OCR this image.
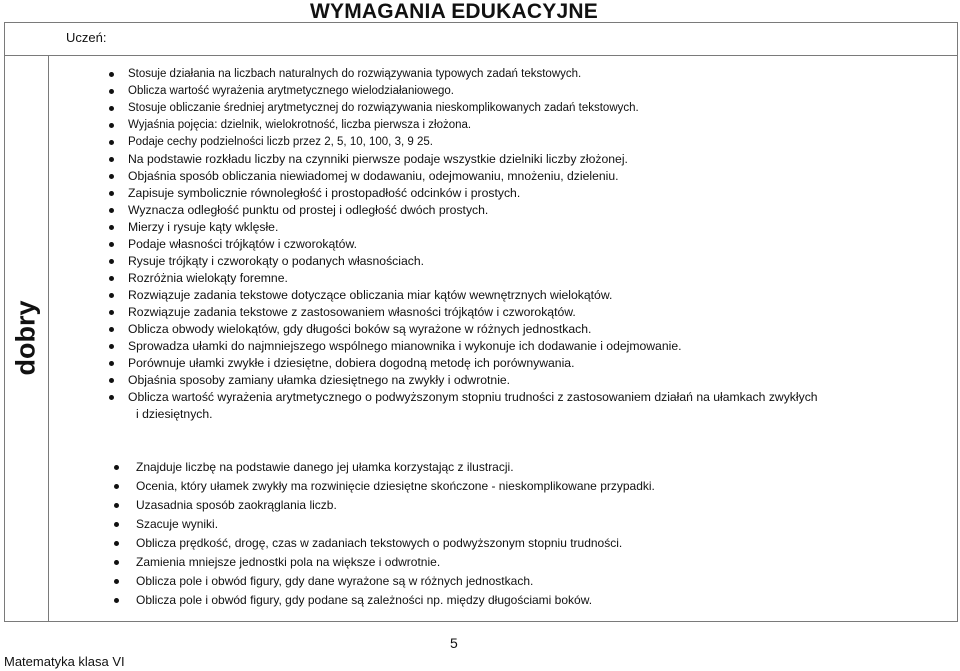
WYMAGANIA EDUKACYJNE
Uczeń:
dobry
Stosuje działania na liczbach naturalnych do rozwiązywania typowych zadań tekstowych.
Oblicza wartość wyrażenia arytmetycznego wielodziałaniowego.
Stosuje obliczanie średniej arytmetycznej do rozwiązywania nieskomplikowanych zadań tekstowych.
Wyjaśnia pojęcia: dzielnik, wielokrotność, liczba pierwsza i złożona.
Podaje cechy podzielności liczb przez 2, 5, 10, 100, 3, 9 25.
Na podstawie rozkładu liczby na czynniki pierwsze podaje wszystkie dzielniki liczby złożonej.
Objaśnia sposób obliczania niewiadomej w dodawaniu, odejmowaniu, mnożeniu, dzieleniu.
Zapisuje symbolicznie równoległość i prostopadłość odcinków i prostych.
Wyznacza odległość punktu od prostej i odległość dwóch prostych.
Mierzy i rysuje kąty wklęsłe.
Podaje własności trójkątów i czworokątów.
Rysuje trójkąty i czworokąty o podanych własnościach.
Rozróżnia wielokąty foremne.
Rozwiązuje zadania tekstowe dotyczące obliczania miar kątów wewnętrznych wielokątów.
Rozwiązuje zadania tekstowe z zastosowaniem własności trójkątów i czworokątów.
Oblicza obwody wielokątów, gdy długości boków są wyrażone w różnych jednostkach.
Sprowadza ułamki do najmniejszego wspólnego mianownika i wykonuje ich dodawanie i odejmowanie.
Porównuje ułamki zwykłe i dziesiętne, dobiera dogodną metodę ich porównywania.
Objaśnia sposoby zamiany ułamka dziesiętnego na zwykły i odwrotnie.
Oblicza wartość wyrażenia arytmetycznego o podwyższonym stopniu trudności z zastosowaniem działań na ułamkach zwykłych
i dziesiętnych.
Znajduje liczbę na podstawie danego jej ułamka korzystając z ilustracji.
Ocenia, który ułamek zwykły ma rozwinięcie dziesiętne skończone - nieskomplikowane przypadki.
Uzasadnia sposób zaokrąglania liczb.
Szacuje wyniki.
Oblicza prędkość, drogę, czas w zadaniach tekstowych o podwyższonym stopniu trudności.
Zamienia mniejsze jednostki pola na większe i odwrotnie.
Oblicza pole i obwód figury, gdy dane wyrażone są w różnych jednostkach.
Oblicza pole i obwód figury, gdy podane są zależności np. między długościami boków.
5
Matematyka klasa VI
